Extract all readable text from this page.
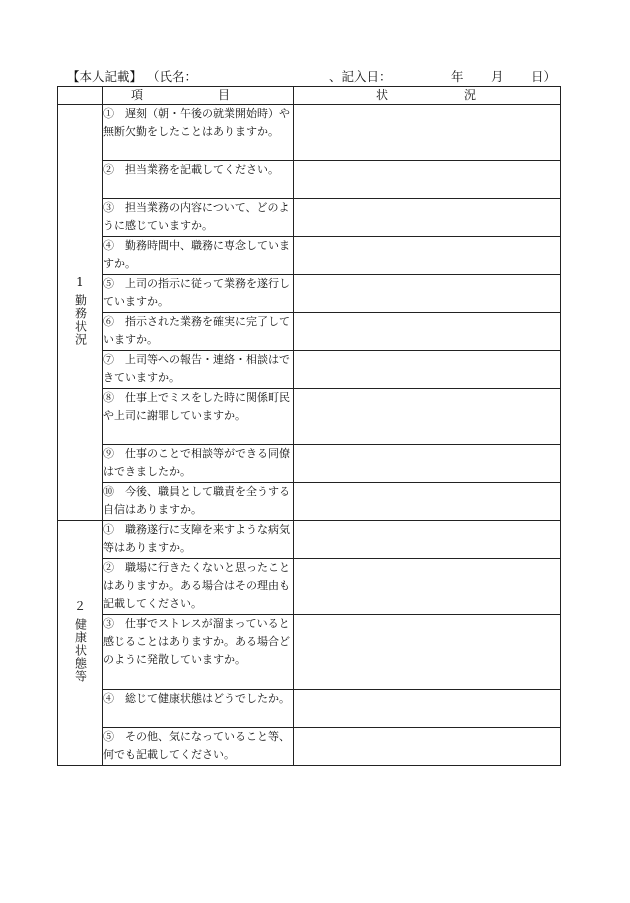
【本人記載】 （氏名：	、記入日：	年 月 日）

	項 目	状 況

1
勤務状況	①　 遅刻（朝・午後の就業開始時）や無断欠勤をしたことはありますか。	
	②　 担当業務を記載してください。	
	③　 担当業務の内容について、どのように感じていますか。	
	④　 勤務時間中、職務に専念していますか。	
	⑤　 上司の指示に従って業務を遂行していますか。	
	⑥　 指示された業務を確実に完了していますか。	
	⑦　 上司等への報告・連絡・相談はできていますか。	
	⑧　 仕事上でミスをした時に関係町民や上司に謝罪していますか。	
	⑨　 仕事のことで相談等ができる同僚はできましたか。	
	⑩　 今後、職員として職責を全うする自信はありますか。	

２
健康状態等	①　 職務遂行に支障を来すような病気等はありますか。	
	②　 職場に行きたくないと思ったことはありますか。ある場合はその理由も記載してください。	
	③　 仕事でストレスが溜まっていると感じることはありますか。ある場合どのように発散していますか。	
	④　 総じて健康状態はどうでしたか。	
	⑤　 その他、気になっていること等、何でも記載してください。	
